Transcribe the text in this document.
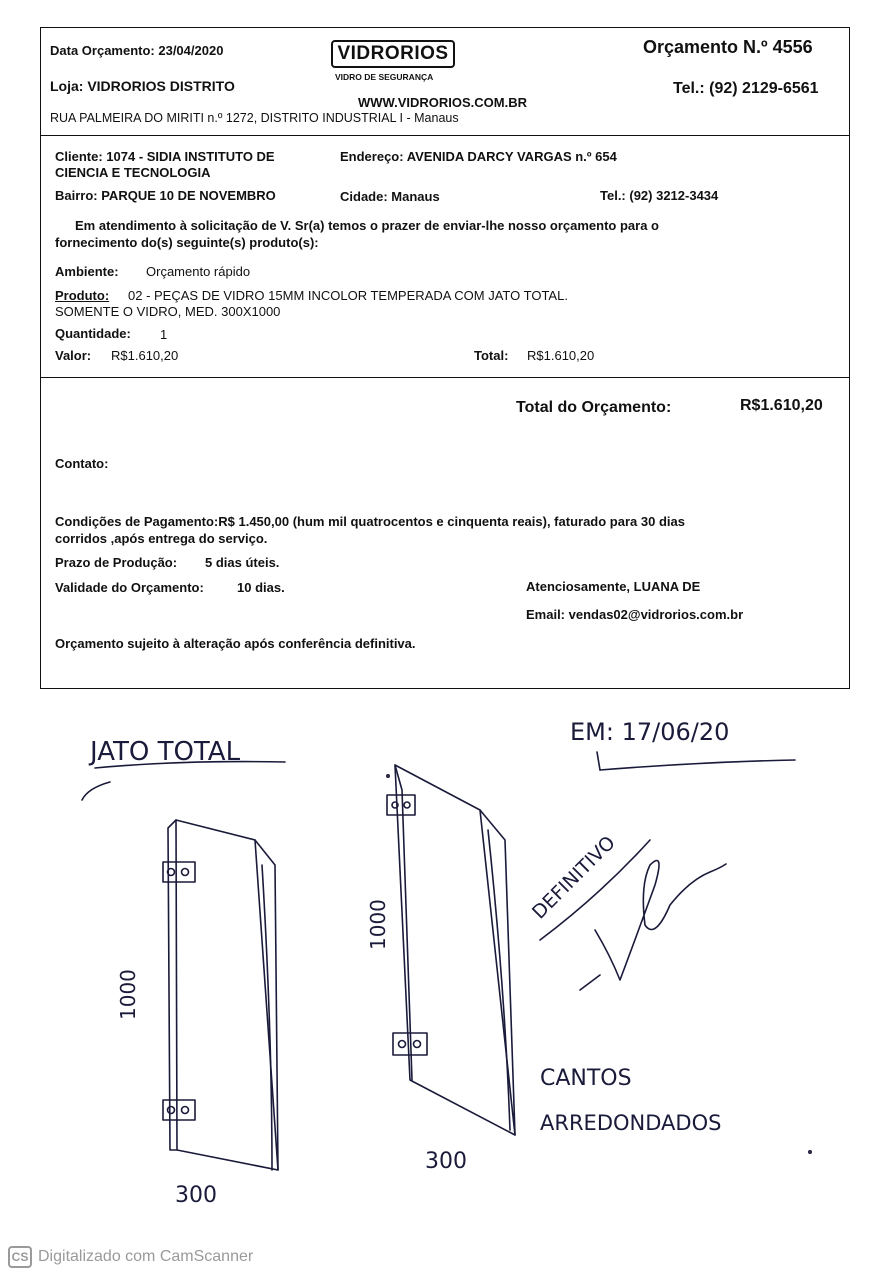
Data Orçamento: 23/04/2020
Loja: VIDRORIOS DISTRITO
RUA PALMEIRA DO MIRITI n.º 1272, DISTRITO INDUSTRIAL I - Manaus
VIDRORIOS
VIDRO DE SEGURANÇA
WWW.VIDRORIOS.COM.BR
Orçamento N.º 4556
Tel.: (92) 2129-6561
Cliente: 1074 - SIDIA INSTITUTO DE
CIENCIA E TECNOLOGIA
Endereço: AVENIDA DARCY VARGAS n.º 654
Bairro: PARQUE 10 DE NOVEMBRO	Cidade: Manaus	Tel.: (92) 3212-3434
Em atendimento à solicitação de V. Sr(a) temos o prazer de enviar-lhe nosso orçamento para o
fornecimento do(s) seguinte(s) produto(s):
Ambiente: Orçamento rápido
Produto: 02 - PEÇAS DE VIDRO 15MM INCOLOR TEMPERADA COM JATO TOTAL.
SOMENTE O VIDRO, MED. 300X1000
Quantidade: 1
Valor: R$1.610,20	Total: R$1.610,20
Total do Orçamento:	R$1.610,20
Contato:
Condições de Pagamento:R$ 1.450,00 (hum mil quatrocentos e cinquenta reais), faturado para 30 dias
corridos ,após entrega do serviço.
Prazo de Produção: 5 dias úteis.
Validade do Orçamento:	10 dias.	Atenciosamente, LUANA DE
Email: vendas02@vidrorios.com.br
Orçamento sujeito à alteração após conferência definitiva.
JATO TOTAL
EM: 17/06/20
DEFINITIVO
CANTOS
ARREDONDADOS
1000
1000
300
300
CS Digitalizado com CamScanner
